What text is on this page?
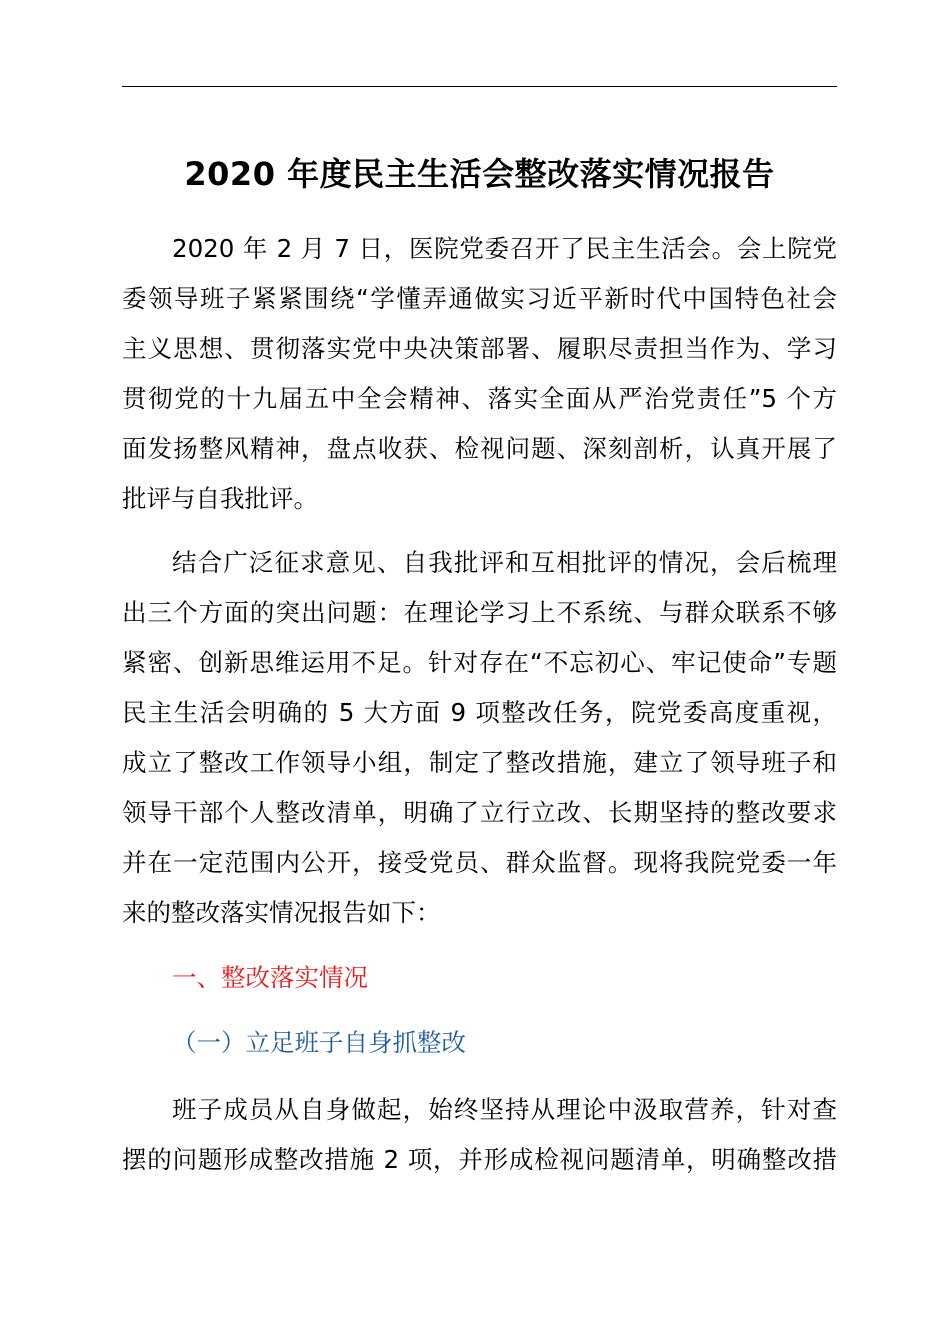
2020 年度民主生活会整改落实情况报告
2020 年 2 月 7 日，医院党委召开了民主生活会。会上院党
委领导班子紧紧围绕“学懂弄通做实习近平新时代中国特色社会
主义思想、贯彻落实党中央决策部署、履职尽责担当作为、学习
贯彻党的十九届五中全会精神、落实全面从严治党责任”5 个方
面发扬整风精神，盘点收获、检视问题、深刻剖析，认真开展了
批评与自我批评。
结合广泛征求意见、自我批评和互相批评的情况，会后梳理
出三个方面的突出问题：在理论学习上不系统、与群众联系不够
紧密、创新思维运用不足。针对存在“不忘初心、牢记使命”专题
民主生活会明确的 5 大方面 9 项整改任务，院党委高度重视，
成立了整改工作领导小组，制定了整改措施，建立了领导班子和
领导干部个人整改清单，明确了立行立改、长期坚持的整改要求
并在一定范围内公开，接受党员、群众监督。现将我院党委一年
来的整改落实情况报告如下：
一、整改落实情况
（一）立足班子自身抓整改
班子成员从自身做起，始终坚持从理论中汲取营养，针对查
摆的问题形成整改措施 2 项，并形成检视问题清单，明确整改措
